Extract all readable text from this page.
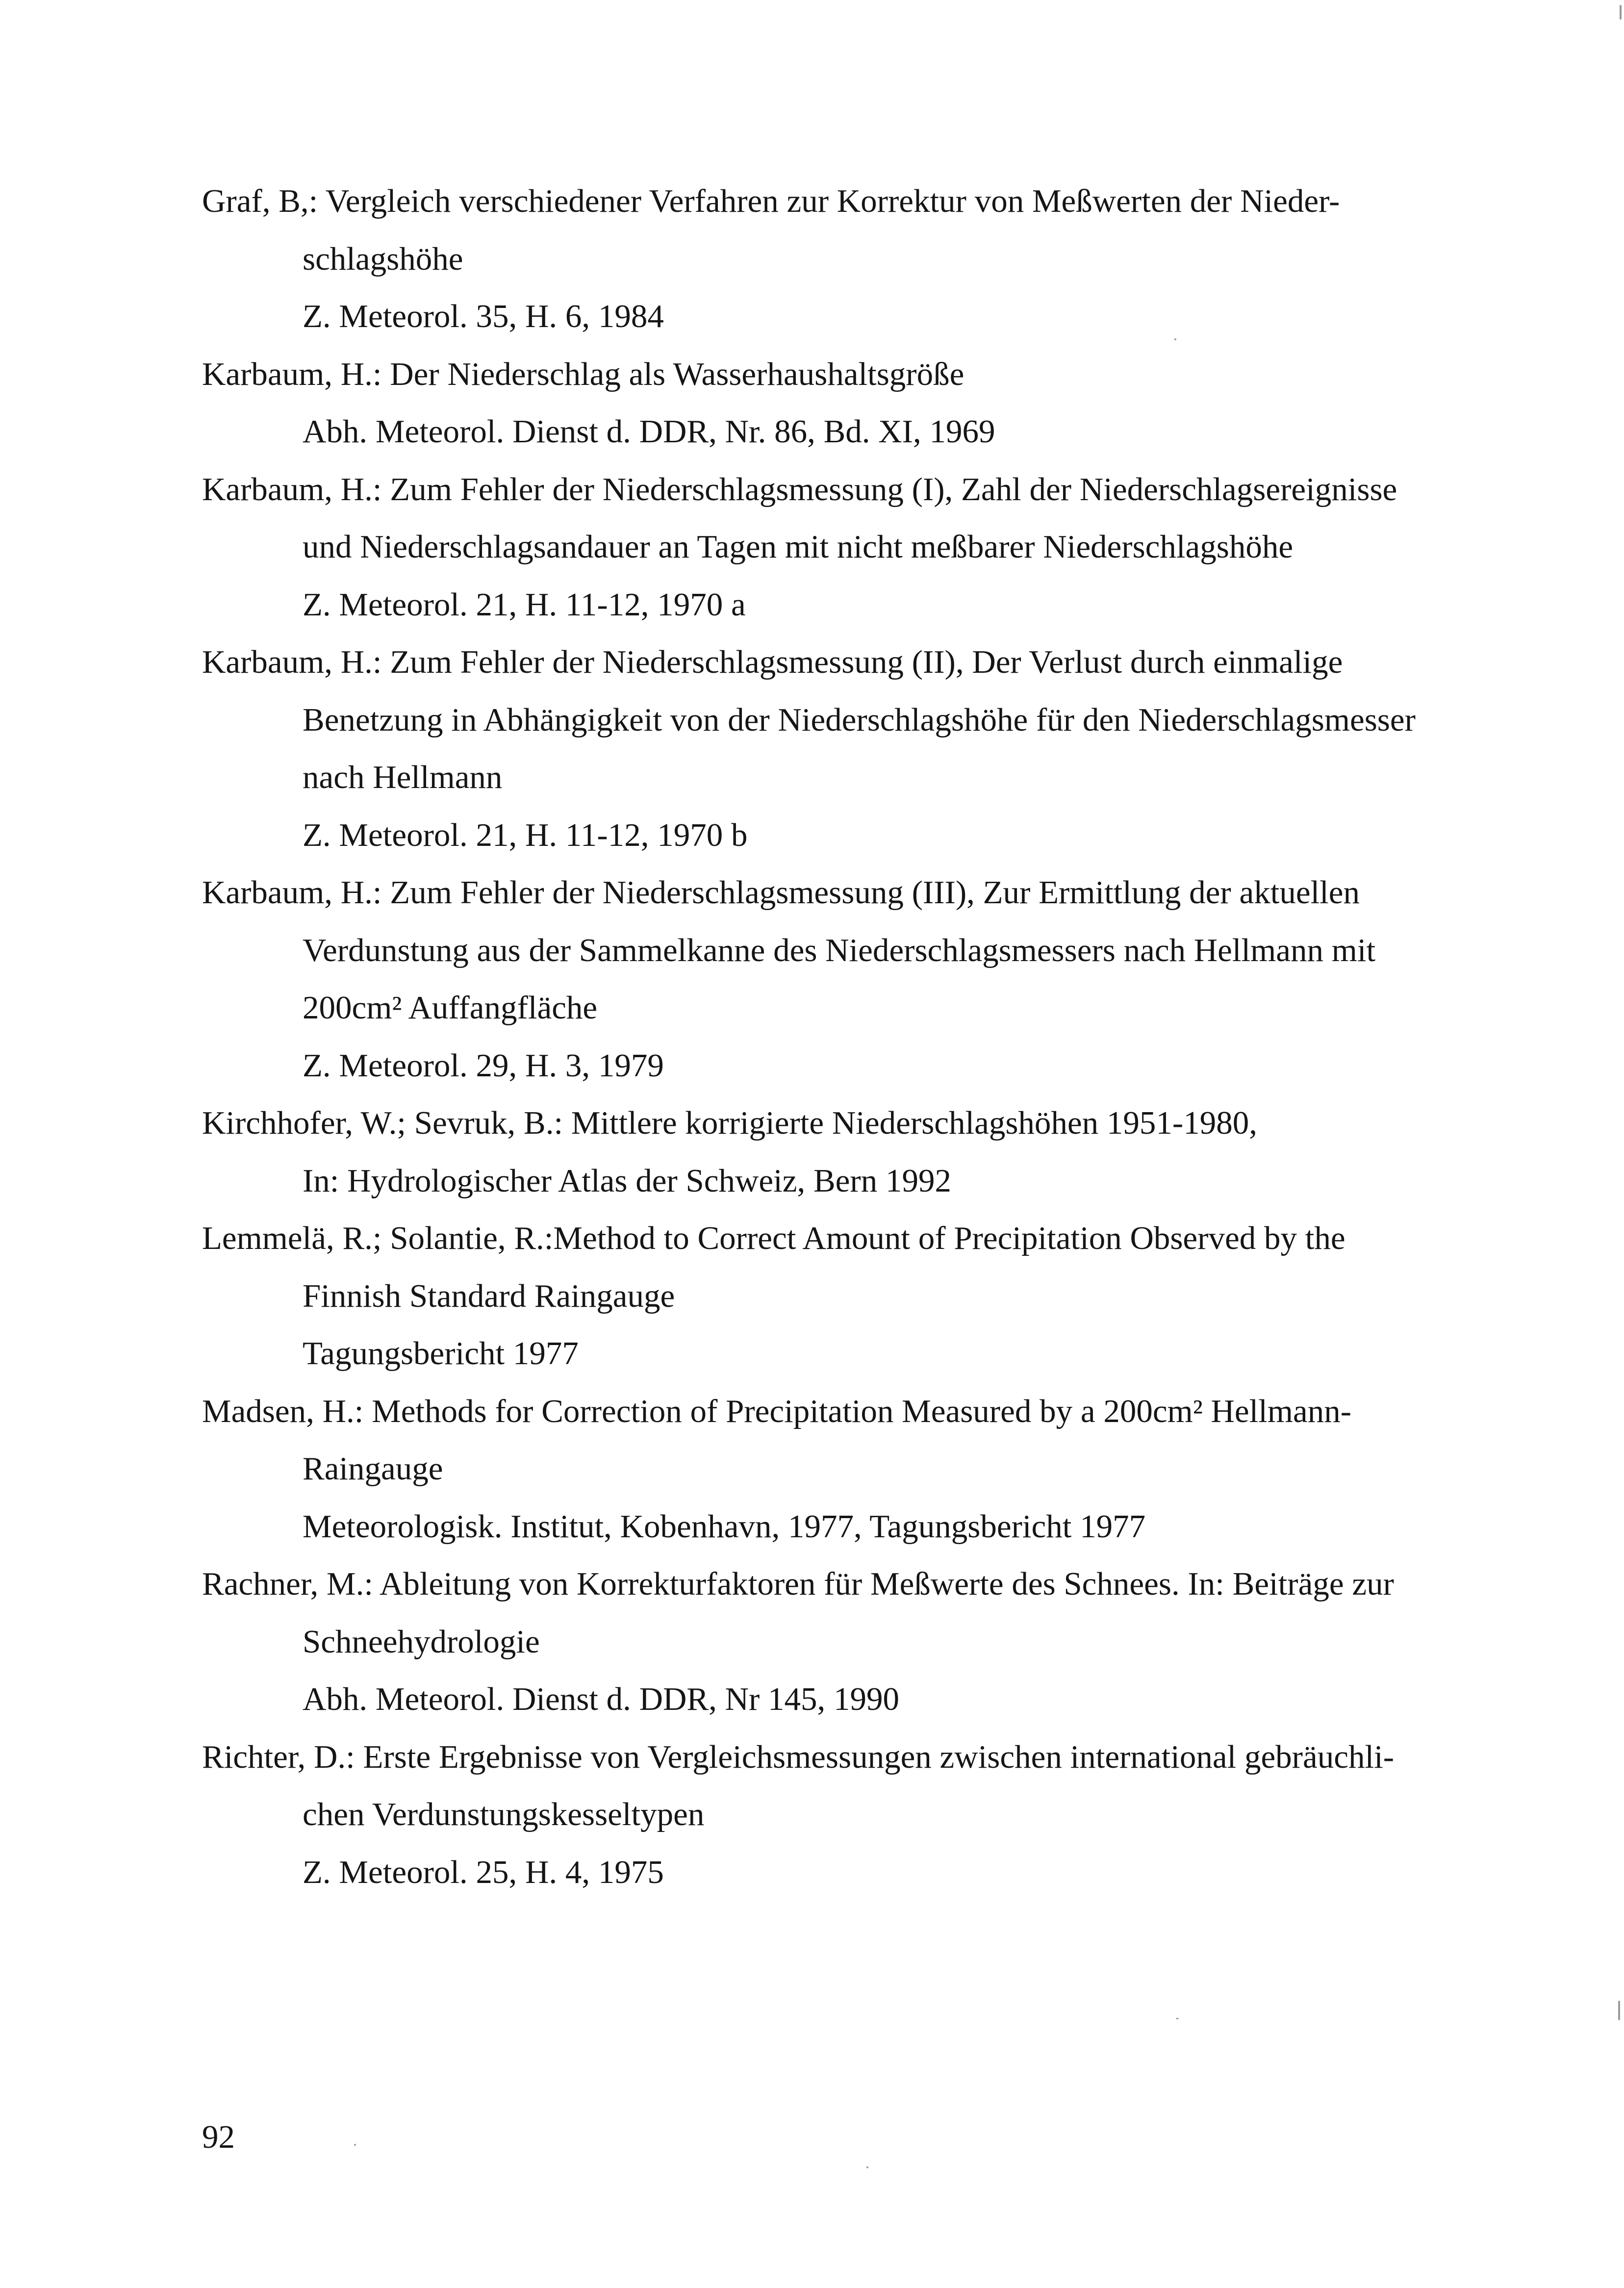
Graf, B,: Vergleich verschiedener Verfahren zur Korrektur von Meßwerten der Nieder-
schlagshöhe
Z. Meteorol. 35, H. 6, 1984
Karbaum, H.: Der Niederschlag als Wasserhaushaltsgröße
Abh. Meteorol. Dienst d. DDR, Nr. 86, Bd. XI, 1969
Karbaum, H.: Zum Fehler der Niederschlagsmessung (I), Zahl der Niederschlagsereignisse
und Niederschlagsandauer an Tagen mit nicht meßbarer Niederschlagshöhe
Z. Meteorol. 21, H. 11-12, 1970 a
Karbaum, H.: Zum Fehler der Niederschlagsmessung (II), Der Verlust durch einmalige
Benetzung in Abhängigkeit von der Niederschlagshöhe für den Niederschlagsmesser
nach Hellmann
Z. Meteorol. 21, H. 11-12, 1970 b
Karbaum, H.: Zum Fehler der Niederschlagsmessung (III), Zur Ermittlung der aktuellen
Verdunstung aus der Sammelkanne des Niederschlagsmessers nach Hellmann mit
200cm² Auffangfläche
Z. Meteorol. 29, H. 3, 1979
Kirchhofer, W.; Sevruk, B.: Mittlere korrigierte Niederschlagshöhen 1951-1980,
In: Hydrologischer Atlas der Schweiz, Bern 1992
Lemmelä, R.; Solantie, R.:Method to Correct Amount of Precipitation Observed by the
Finnish Standard Raingauge
Tagungsbericht 1977
Madsen, H.: Methods for Correction of Precipitation Measured by a 200cm² Hellmann-
Raingauge
Meteorologisk. Institut, Kobenhavn, 1977, Tagungsbericht 1977
Rachner, M.: Ableitung von Korrekturfaktoren für Meßwerte des Schnees. In: Beiträge zur
Schneehydrologie
Abh. Meteorol. Dienst d. DDR, Nr 145, 1990
Richter, D.: Erste Ergebnisse von Vergleichsmessungen zwischen international gebräuchli-
chen Verdunstungskesseltypen
Z. Meteorol. 25, H. 4, 1975
92
